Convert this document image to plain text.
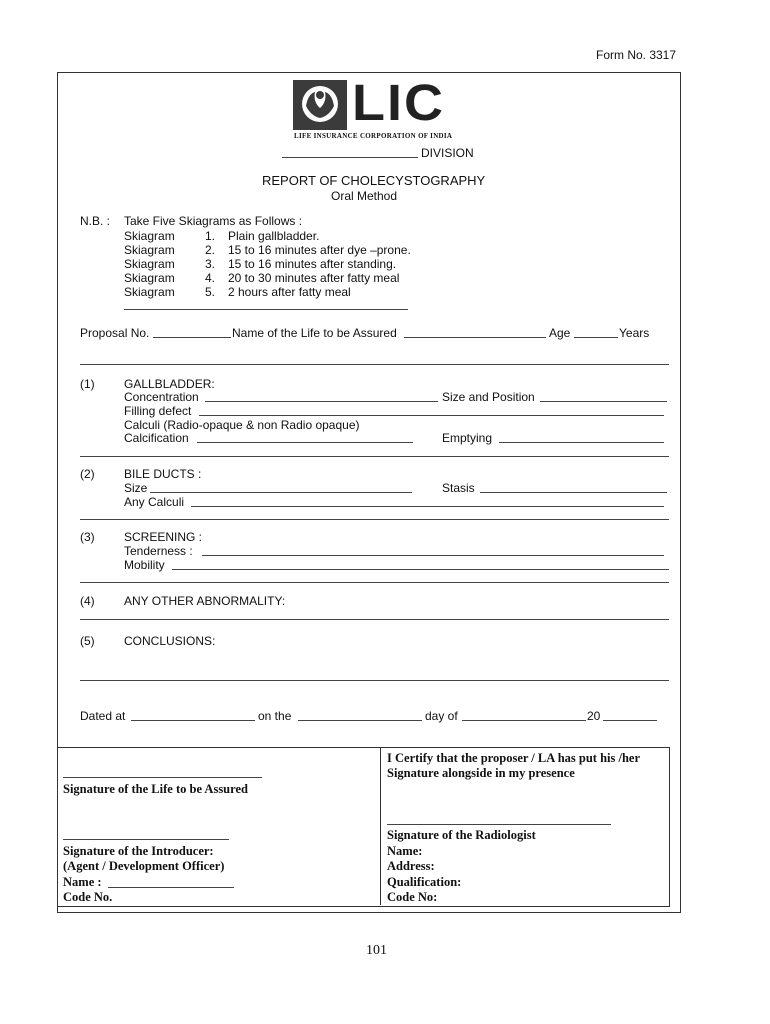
Form No. 3317
LIC
LIFE INSURANCE CORPORATION OF INDIA
DIVISION
REPORT OF CHOLECYSTOGRAPHY
Oral Method
N.B. : Take Five Skiagrams as Follows :
Skiagram	1. Plain gallbladder.
Skiagram	2. 15 to 16 minutes after dye –prone.
Skiagram	3. 15 to 16 minutes after standing.
Skiagram	4. 20 to 30 minutes after fatty meal
Skiagram	5. 2 hours after fatty meal
Proposal No.	Name of the Life to be Assured	Age	Years
(1) GALLBLADDER:
Concentration	Size and Position
Filling defect
Calculi (Radio-opaque & non Radio opaque)
Calcification	Emptying
(2) BILE DUCTS :
Size	Stasis
Any Calculi
(3) SCREENING :
Tenderness :
Mobility
(4) ANY OTHER ABNORMALITY:
(5) CONCLUSIONS:
Dated at	on the	day of	20
I Certify that the proposer / LA has put his /her Signature alongside in my presence
Signature of the Life to be Assured
Signature of the Introducer:
(Agent / Development Officer)
Name :
Code No.
Signature of the Radiologist
Name:
Address:
Qualification:
Code No:
101
